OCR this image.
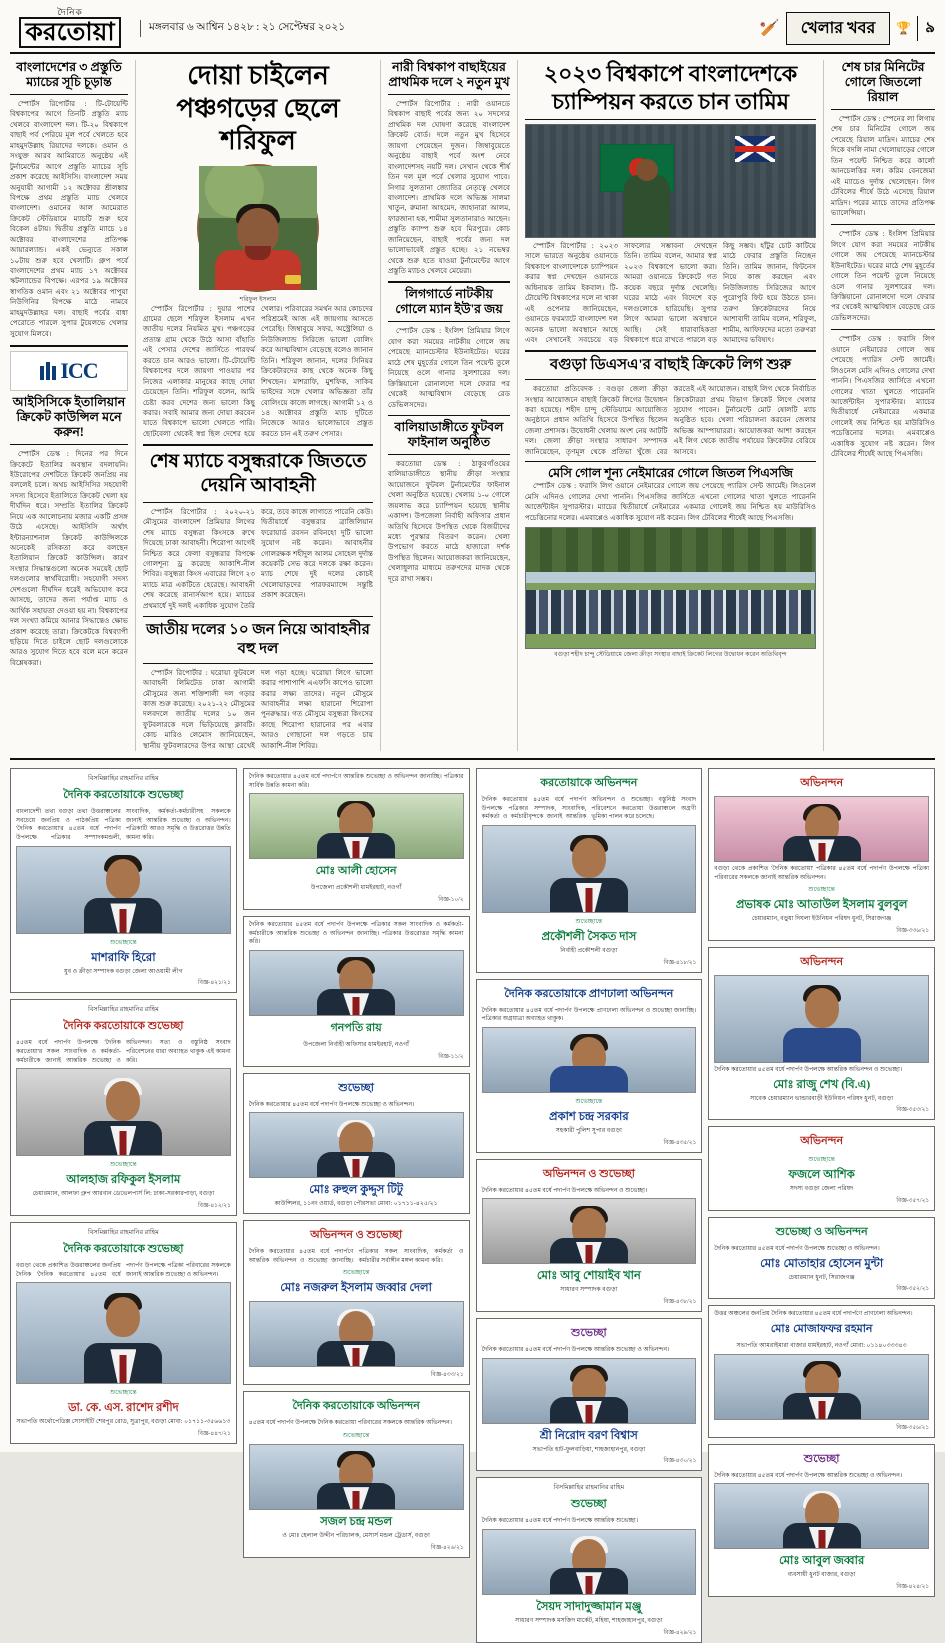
দৈনিক
করতোয়া	মঙ্গলবার ৬ আশ্বিন ১৪২৮ : ২১ সেপ্টেম্বর ২০২১	🏏	খেলার খবর	🏆 ৯
বাংলাদেশের ৩ প্রস্তুতি ম্যাচের সূচি চূড়ান্ত
স্পোর্টস রিপোর্টার : টি-টোয়েন্টি বিশ্বকাপের আগে তিনটি প্রস্তুতি ম্যাচ খেলবে বাংলাদেশ দল। টি-২০ বিশ্বকাপে বাছাই পর্ব পেরিয়ে মূল পর্বে খেলতে হবে মাহমুদউল্লাহ রিয়াদের দলকে। ওমান ও সংযুক্ত আরব আমিরাতে অনুষ্ঠেয় এই টুর্নামেন্টের আগে প্রস্তুতি ম্যাচের সূচি প্রকাশ করেছে আইসিসি। বাংলাদেশ সময় অনুযায়ী আগামী ১২ অক্টোবর শ্রীলঙ্কার বিপক্ষে প্রথম প্রস্তুতি ম্যাচ খেলবে বাংলাদেশ। ওমানের আল আমেরাত ক্রিকেট স্টেডিয়ামে ম্যাচটি শুরু হবে বিকেল ৪টায়। দ্বিতীয় প্রস্তুতি ম্যাচে ১৪ অক্টোবর বাংলাদেশের প্রতিপক্ষ আয়ারল্যান্ড। একই ভেন্যুতে সকাল ১০টায় শুরু হবে খেলাটি। গ্রুপ পর্বে বাংলাদেশের প্রথম ম্যাচ ১৭ অক্টোবর স্কটল্যান্ডের বিপক্ষে। এরপর ১৯ অক্টোবর স্বাগতিক ওমান এবং ২১ অক্টোবর পাপুয়া নিউগিনির বিপক্ষে মাঠে নামবে মাহমুদউল্লাহর দল। বাছাই পর্বের বাধা পেরোতে পারলে সুপার টুয়েলভে খেলার সুযোগ মিলবে।
ICC
আইসিসিকে ইতালিয়ান ক্রিকেট কাউন্সিল মনে করুন!
স্পোর্টস ডেস্ক : দিনের পর দিনে ক্রিকেটে ইতালির অবস্থান বদলায়নি। ইউরোপের দেশটিতে ক্রিকেট জনপ্রিয় নয় বললেই চলে। অথচ আইসিসির সহযোগী সদস্য হিসেবে ইতালিতে ক্রিকেট খেলা হয় দীর্ঘদিন ধরে। সম্প্রতি ইতালির ক্রিকেট নিয়ে এক আলোচনায় মজার একটি প্রসঙ্গ উঠে এসেছে। আইসিসি অর্থাৎ ইন্টারন্যাশনাল ক্রিকেট কাউন্সিলকে অনেকেই রসিকতা করে বলছেন ইতালিয়ান ক্রিকেট কাউন্সিল। কারণ সংস্থার সিদ্ধান্তগুলো অনেক সময়েই ছোট দলগুলোর স্বার্থবিরোধী। সহযোগী সদস্য দেশগুলো দীর্ঘদিন ধরেই অভিযোগ করে আসছে, তাদের জন্য পর্যাপ্ত ম্যাচ ও আর্থিক সহায়তা দেওয়া হয় না। বিশ্বকাপের দল সংখ্যা কমিয়ে আনার সিদ্ধান্তেও ক্ষোভ প্রকাশ করেছে তারা। ক্রিকেটকে বিশ্বব্যাপী ছড়িয়ে দিতে চাইলে ছোট দলগুলোকে আরও সুযোগ দিতে হবে বলে মনে করেন বিশ্লেষকরা।
দোয়া চাইলেন পঞ্চগড়ের ছেলে শরিফুল
শরিফুল ইসলাম
স্পোর্টস রিপোর্টার : দুয়ার পাশের গ্রামের ছেলে শরিফুল ইসলাম এখন জাতীয় দলের নিয়মিত মুখ। পঞ্চগড়ের প্রত্যন্ত গ্রাম থেকে উঠে আসা বাঁহাতি এই পেসার দেশের জার্সিতে পারফর্ম করতে চান আরও ভালো। টি-টোয়েন্টি বিশ্বকাপের দলে জায়গা পাওয়ার পর নিজের এলাকার মানুষের কাছে দোয়া চেয়েছেন তিনি। শরিফুল বলেন, আমি চেষ্টা করব দেশের জন্য ভালো কিছু করার। সবাই আমার জন্য দোয়া করবেন যাতে বিশ্বকাপে ভালো খেলতে পারি। ছোটবেলা থেকেই স্বপ্ন ছিল দেশের হয়ে খেলার। পরিবারের সমর্থন আর কোচদের পরিশ্রমেই আজ এই জায়গায় আসতে পেরেছি। জিম্বাবুয়ে সফর, অস্ট্রেলিয়া ও নিউজিল্যান্ড সিরিজে ভালো বোলিং করে আত্মবিশ্বাস বেড়েছে বলেও জানান তিনি। শরিফুল জানান, দলের সিনিয়র ক্রিকেটারদের কাছ থেকে অনেক কিছু শিখছেন। মাশরাফি, মুশফিক, সাকিব ভাইদের সঙ্গে খেলার অভিজ্ঞতা তাঁর বোলিংয়ে কাজে লাগছে। আগামী ১২ ও ১৪ অক্টোবর প্রস্তুতি ম্যাচ দুটিতে নিজেকে আরও ভালোভাবে প্রস্তুত করতে চান এই তরুণ পেসার।
শেষ ম্যাচে বসুন্ধরাকে জিততে দেয়নি আবাহনী
স্পোর্টস রিপোর্টার : ২০২০-২১ মৌসুমের বাংলাদেশ প্রিমিয়ার লিগের শেষ ম্যাচে বসুন্ধরা কিংসকে রুখে দিয়েছে ঢাকা আবাহনী। শিরোপা আগেই নিশ্চিত করে ফেলা বসুন্ধরার বিপক্ষে গোলশূন্য ড্র করেছে আকাশি-নীল শিবির। বসুন্ধরা কিংস এবারের লিগে ২৩ ম্যাচে মাত্র একটিতে হেরেছে। আবাহনী শেষ করেছে রানার্সআপ হয়ে। ম্যাচের প্রথমার্ধে দুই দলই একাধিক সুযোগ তৈরি করে, তবে কাজে লাগাতে পারেনি কেউ। দ্বিতীয়ার্ধে বসুন্ধরার ব্রাজিলিয়ান ফরোয়ার্ড রবসন রবিনহো দুটি ভালো সুযোগ নষ্ট করেন। আবাহনীর গোলরক্ষক শহীদুল আলম সোহেল দুর্দান্ত কয়েকটি সেভ করে দলকে রক্ষা করেন। ম্যাচ শেষে দুই দলের কোচই খেলোয়াড়দের পারফরম্যান্সে সন্তুষ্টি প্রকাশ করেছেন।
জাতীয় দলের ১০ জন নিয়ে আবাহনীর বহু দল
স্পোর্টস রিপোর্টার : ঘরোয়া ফুটবলে আবাহনী লিমিটেড ঢাকা আগামী মৌসুমের জন্য শক্তিশালী দল গড়ার কাজ শুরু করেছে। ২০২১-২২ মৌসুমের দলবদলে জাতীয় দলের ১০ জন ফুটবলারকে দলে ভিড়িয়েছে ক্লাবটি। কোচ মারিও লেমোস জানিয়েছেন, স্থানীয় ফুটবলারদের উপর আস্থা রেখেই দল গড়া হচ্ছে। ঘরোয়া লিগে ভালো করার পাশাপাশি এএফসি কাপেও ভালো করার লক্ষ্য তাদের। নতুন মৌসুমে আবাহনীর লক্ষ্য হারানো শিরোপা পুনরুদ্ধার। গত মৌসুমে বসুন্ধরা কিংসের কাছে শিরোপা হারানোর পর এবার আরও গোছানো দল গড়তে চায় আকাশি-নীল শিবির।
নারী বিশ্বকাপ বাছাইয়ের প্রাথমিক দলে ২ নতুন মুখ
স্পোর্টস রিপোর্টার : নারী ওয়ানডে বিশ্বকাপ বাছাই পর্বের জন্য ২০ সদস্যের প্রাথমিক দল ঘোষণা করেছে বাংলাদেশ ক্রিকেট বোর্ড। দলে নতুন মুখ হিসেবে জায়গা পেয়েছেন দুজন। জিম্বাবুয়েতে অনুষ্ঠেয় বাছাই পর্বে অংশ নেবে বাংলাদেশসহ নয়টি দল। সেখান থেকে শীর্ষ তিন দল মূল পর্বে খেলার সুযোগ পাবে। নিগার সুলতানা জ্যোতির নেতৃত্বে খেলবে বাংলাদেশ। প্রাথমিক দলে অভিজ্ঞ সালমা খাতুন, রুমানা আহমেদ, জাহানারা আলম, ফারজানা হক, শামীমা সুলতানারাও আছেন। প্রস্তুতি ক্যাম্প শুরু হবে মিরপুরে। কোচ জানিয়েছেন, বাছাই পর্বের জন্য দল ভালোভাবেই প্রস্তুত হচ্ছে। ২১ নভেম্বর থেকে শুরু হতে যাওয়া টুর্নামেন্টের আগে প্রস্তুতি ম্যাচও খেলবে মেয়েরা।
লিগগার্ডে নাটকীয় গোলে ম্যান ইউ'র জয়
স্পোর্টস ডেস্ক : ইংলিশ প্রিমিয়ার লিগে যোগ করা সময়ের নাটকীয় গোলে জয় পেয়েছে ম্যানচেস্টার ইউনাইটেড। ঘরের মাঠে শেষ মুহূর্তের গোলে তিন পয়েন্ট তুলে নিয়েছে ওলে গানার সুলশারের দল। ক্রিস্তিয়ানো রোনালদো দলে ফেরার পর থেকেই আত্মবিশ্বাস বেড়েছে রেড ডেভিলসদের।
বালিয়াডাঙ্গীতে ফুটবল ফাইনাল অনুষ্ঠিত
করতোয়া ডেস্ক : ঠাকুরগাঁওয়ের বালিয়াডাঙ্গীতে স্থানীয় ক্রীড়া সংস্থার আয়োজনে ফুটবল টুর্নামেন্টের ফাইনাল খেলা অনুষ্ঠিত হয়েছে। খেলায় ১-০ গোলে জয়লাভ করে চ্যাম্পিয়ন হয়েছে স্থানীয় একাদশ। উপজেলা নির্বাহী অফিসার প্রধান অতিথি হিসেবে উপস্থিত থেকে বিজয়ীদের মধ্যে পুরস্কার বিতরণ করেন। খেলা উপভোগ করতে মাঠে হাজারো দর্শক উপস্থিত ছিলেন। আয়োজকরা জানিয়েছেন, খেলাধুলার মাধ্যমে তরুণদের মাদক থেকে দূরে রাখা সম্ভব।
২০২৩ বিশ্বকাপে বাংলাদেশকে চ্যাম্পিয়ন করতে চান তামিম
স্পোর্টস রিপোর্টার : ২০২৩ সালে ভারতে অনুষ্ঠেয় ওয়ানডে বিশ্বকাপে বাংলাদেশকে চ্যাম্পিয়ন করার স্বপ্ন দেখছেন ওয়ানডে অধিনায়ক তামিম ইকবাল। টি-টোয়েন্টি বিশ্বকাপের দলে না থাকা এই ওপেনার জানিয়েছেন, ওয়ানডে ফরম্যাটে বাংলাদেশ দল অনেক ভালো অবস্থানে আছে এবং সেখানেই সবচেয়ে বড় সাফল্যের সম্ভাবনা দেখছেন তিনি। তামিম বলেন, আমার স্বপ্ন ২০২৩ বিশ্বকাপে ভালো করা। আমরা ওয়ানডে ক্রিকেটে গত কয়েক বছরে দুর্দান্ত খেলেছি। ঘরের মাঠে এবং বিদেশে বড় দলগুলোকে হারিয়েছি। সুপার লিগে আমরা ভালো অবস্থানে আছি। সেই ধারাবাহিকতা বিশ্বকাপে ধরে রাখতে পারলে বড় কিছু সম্ভব। হাঁটুর চোট কাটিয়ে মাঠে ফেরার প্রস্তুতি নিচ্ছেন তিনি। তামিম জানান, ফিটনেস নিয়ে কাজ করছেন এবং নিউজিল্যান্ড সিরিজের আগে পুরোপুরি ফিট হয়ে উঠতে চান। তরুণ ক্রিকেটারদের নিয়ে আশাবাদী তামিম বলেন, শরিফুল, শামীম, আফিফদের মতো তরুণরা আমাদের ভবিষ্যৎ।
বগুড়া ডিএসএ'র বাছাই ক্রিকেট লিগ শুরু
করতোয়া প্রতিবেদক : বগুড়া জেলা ক্রীড়া সংস্থার আয়োজনে বাছাই ক্রিকেট লিগের উদ্বোধন করা হয়েছে। শহীদ চান্দু স্টেডিয়ামে আয়োজিত অনুষ্ঠানে প্রধান অতিথি হিসেবে উপস্থিত ছিলেন জেলা প্রশাসক। উদ্বোধনী খেলায় অংশ নেয় আটটি দল। জেলা ক্রীড়া সংস্থার সাধারণ সম্পাদক জানিয়েছেন, তৃণমূল থেকে প্রতিভা খুঁজে বের করতেই এই আয়োজন। বাছাই লিগ থেকে নির্বাচিত ক্রিকেটাররা প্রথম বিভাগ ক্রিকেট লিগে খেলার সুযোগ পাবেন। টুর্নামেন্টে মোট ষোলটি ম্যাচ অনুষ্ঠিত হবে। খেলা পরিচালনা করবেন জেলার অভিজ্ঞ আম্পায়াররা। আয়োজকরা আশা করছেন এই লিগ থেকে জাতীয় পর্যায়ের ক্রিকেটার বেরিয়ে আসবে।
মেসি গোল শূন্য নেইমারের গোলে জিতল পিএসজি
স্পোর্টস ডেস্ক : ফরাসি লিগ ওয়ানে নেইমারের গোলে জয় পেয়েছে প্যারিস সেন্ট জার্মেই। লিওনেল মেসি এদিনও গোলের দেখা পাননি। পিএসজির জার্সিতে এখনো গোলের খাতা খুলতে পারেননি আর্জেন্টাইন সুপারস্টার। ম্যাচের দ্বিতীয়ার্ধে নেইমারের একমাত্র গোলেই জয় নিশ্চিত হয় মাউরিসিও পচেত্তিনোর দলের। এমবাপ্পেও একাধিক সুযোগ নষ্ট করেন। লিগ টেবিলের শীর্ষেই আছে পিএসজি।
বগুড়া শহীদ চান্দু স্টেডিয়ামে জেলা ক্রীড়া সংস্থার বাছাই ক্রিকেট লিগের উদ্বোধন করেন অতিথিবৃন্দ
শেষ চার মিনিটের গোলে জিতলো রিয়াল
স্পোর্টস ডেস্ক : স্পেনের লা লিগায় শেষ চার মিনিটের গোলে জয় পেয়েছে রিয়াল মাদ্রিদ। ম্যাচের শেষ দিকে বদলি নামা খেলোয়াড়ের গোলে তিন পয়েন্ট নিশ্চিত করে কার্লো আনচেলত্তির দল। করিম বেনজেমা এই ম্যাচেও দুর্দান্ত খেলেছেন। লিগ টেবিলের শীর্ষে উঠে এসেছে রিয়াল মাদ্রিদ। পরের ম্যাচে তাদের প্রতিপক্ষ ভ্যালেন্সিয়া।
স্পোর্টস ডেস্ক : ইংলিশ প্রিমিয়ার লিগে যোগ করা সময়ের নাটকীয় গোলে জয় পেয়েছে ম্যানচেস্টার ইউনাইটেড। ঘরের মাঠে শেষ মুহূর্তের গোলে তিন পয়েন্ট তুলে নিয়েছে ওলে গানার সুলশারের দল। ক্রিস্তিয়ানো রোনালদো দলে ফেরার পর থেকেই আত্মবিশ্বাস বেড়েছে রেড ডেভিলসদের।
স্পোর্টস ডেস্ক : ফরাসি লিগ ওয়ানে নেইমারের গোলে জয় পেয়েছে প্যারিস সেন্ট জার্মেই। লিওনেল মেসি এদিনও গোলের দেখা পাননি। পিএসজির জার্সিতে এখনো গোলের খাতা খুলতে পারেননি আর্জেন্টাইন সুপারস্টার। ম্যাচের দ্বিতীয়ার্ধে নেইমারের একমাত্র গোলেই জয় নিশ্চিত হয় মাউরিসিও পচেত্তিনোর দলের। এমবাপ্পেও একাধিক সুযোগ নষ্ট করেন। লিগ টেবিলের শীর্ষেই আছে পিএসজি।
বিসমিল্লাহির রাহমানির রাহিম
দৈনিক করতোয়াকে শুভেচ্ছা
বাংলাদেশী তথা বগুড়া তথা উত্তরাঞ্চলের সবচেয়ে জনপ্রিয় ও পাঠকপ্রিয় পত্রিকা 'দৈনিক করতোয়া'র ৪৫তম বর্ষে পদার্পণ উপলক্ষে পত্রিকার সম্পাদকমন্ডলী, সাংবাদিক, কর্মকর্তা-কর্মচারীসহ সকলকে জানাই আন্তরিক শুভেচ্ছা ও অভিনন্দন। পত্রিকাটি আরও সমৃদ্ধি ও উত্তরোত্তর উন্নতি কামনা করি।
শুভেচ্ছান্তে
মাশরাফি হিরো
যুব ও ক্রীড়া সম্পাদক বগুড়া জেলা আওয়ামী লীগ
বিজ্ঞ-৪২১/২১
বিসমিল্লাহির রাহমানির রাহিম
দৈনিক করতোয়াকে শুভেচ্ছা
৪৫তম বর্ষে পদার্পণ উপলক্ষে 'দৈনিক করতোয়া'র সকল সাংবাদিক ও কর্মকর্তা-কর্মচারীকে জানাই আন্তরিক শুভেচ্ছা ও অভিনন্দন। সত্য ও বস্তুনিষ্ঠ সংবাদ পরিবেশনের ধারা অব্যাহত থাকুক এই কামনা করি।
শুভেচ্ছান্তে
আলহাজ রফিকুল ইসলাম
চেয়ারম্যান, আলফা গ্রুপ আরবান ডেভেলপার্স লি: ঢাকা-সরকারপাড়া, বগুড়া
বিজ্ঞ-৪১২/২১
বিসমিল্লাহির রাহমানির রাহিম
দৈনিক করতোয়াকে শুভেচ্ছা
বগুড়া থেকে প্রকাশিত উত্তরাঞ্চলের জনপ্রিয় দৈনিক 'দৈনিক করতোয়া'র ৪৫তম বর্ষে পদার্পণ উপলক্ষে পত্রিকা পরিবারের সকলকে জানাই আন্তরিক শুভেচ্ছা ও অভিনন্দন।
শুভেচ্ছান্তে
ডা. কে. এস. রাশেদ রশীদ
সভাপতি অর্থোপেডিক্স সোসাইটি শেরপুর রোড, সুত্রাপুর, বগুড়া মোবা: ০১৭১১-৩৫৬৬১৩
বিজ্ঞ-৪৪৭/২১
দৈনিক করতোয়ার ৪৫তম বর্ষে পদার্পণে আন্তরিক শুভেচ্ছা ও অভিনন্দন জানাচ্ছি। পত্রিকার সার্বিক উন্নতি কামনা করি।
মোঃ আলী হোসেন
উপজেলা প্রকৌশলী ধামইরহাট, নওগাঁ
বিজ্ঞ-১০/২
দৈনিক করতোয়ার ৪৫তম বর্ষে পদার্পণ উপলক্ষে পত্রিকার সকল সাংবাদিক ও কর্মকর্তা-কর্মচারীকে আন্তরিক শুভেচ্ছা ও অভিনন্দন জানাচ্ছি। পত্রিকার উত্তরোত্তর সমৃদ্ধি কামনা করি।
গনপতি রায়
উপজেলা নির্বাহী অফিসার ধামইরহাট, নওগাঁ
বিজ্ঞ-১১/২
শুভেচ্ছা
দৈনিক করতোয়ার ৪৫তম বর্ষে পদার্পণ উপলক্ষে শুভেচ্ছা ও অভিনন্দন।
মোঃ রুহুল কুদ্দুস টিটু
কাউন্সিলর, ১১নং ওয়ার্ড, বগুড়া পৌরসভা মোবা: ০১৭১১-৪২৫/২১
অভিনন্দন ও শুভেচ্ছা
দৈনিক করতোয়ার ৪৫তম বর্ষে পদার্পণে আন্তরিক অভিনন্দন ও শুভেচ্ছা জানাচ্ছি। পত্রিকার সকল সাংবাদিক, কর্মকর্তা ও কর্মচারীর সর্বাঙ্গীন মঙ্গল কামনা করি।
শুভেচ্ছান্তে
মোঃ নজরুল ইসলাম জব্বার দেলা
বিজ্ঞ-৪৩৩/২১
দৈনিক করতোয়াকে অভিনন্দন
৪৫তম বর্ষে পদার্পণ উপলক্ষে দৈনিক করতোয়া পরিবারের সকলকে আন্তরিক অভিনন্দন।
শুভেচ্ছান্তে
সজল চন্দ্র মন্ডল
ও মোঃ হেলাল উদ্দীন পরিচালক, মেসার্স মন্ডল ট্রেডার্স, বগুড়া
বিজ্ঞ-৪২৬/২১
করতোয়াকে অভিনন্দন
দৈনিক করতোয়ার ৪৫তম বর্ষে পদার্পণ উপলক্ষে পত্রিকার সম্পাদক, সাংবাদিক, কর্মকর্তা ও কর্মচারীবৃন্দকে জানাই আন্তরিক অভিনন্দন ও শুভেচ্ছা। বস্তুনিষ্ঠ সংবাদ পরিবেশনে করতোয়া উত্তরাঞ্চলে অগ্রণী ভূমিকা পালন করে চলেছে।
শুভেচ্ছান্তে
প্রকৌশলী সৈকত দাস
নির্বাহী প্রকৌশলী বগুড়া
বিজ্ঞ-৪১৮/২১
দৈনিক করতোয়াকে প্রাণঢালা অভিনন্দন
দৈনিক করতোয়ার ৪৫তম বর্ষে পদার্পণ উপলক্ষে প্রাণঢালা অভিনন্দন ও শুভেচ্ছা জানাচ্ছি। পত্রিকার অগ্রযাত্রা অব্যাহত থাকুক।
শুভেচ্ছান্তে
প্রকাশ চন্দ্র সরকার
সহকারী পুলিশ সুপার বগুড়া
বিজ্ঞ-৪৩৫/২১
অভিনন্দন ও শুভেচ্ছা
দৈনিক করতোয়ার ৪৫তম বর্ষে পদার্পণ উপলক্ষে অভিনন্দন ও শুভেচ্ছা।
মোঃ আবু শোয়াইব খান
সাধারণ সম্পাদক বগুড়া
বিজ্ঞ-৪৩৮/২১
শুভেচ্ছা
দৈনিক করতোয়ার ৪৫তম বর্ষে পদার্পণ উপলক্ষে আন্তরিক শুভেচ্ছা ও অভিনন্দন।
শ্রী নিরোদ বরণ বিশ্বাস
সভাপতি হাট-ফুলবাড়িয়া, শাহজাহানপুর, বগুড়া
বিজ্ঞ-৪৩০/২১
বিসমিল্লাহির রাহমানির রাহিম
শুভেচ্ছা
দৈনিক করতোয়ার ৪৫তম বর্ষে পদার্পণ উপলক্ষে আন্তরিক শুভেচ্ছা।
সৈয়দ সাদাদুজ্জামান মঞ্জু
সাধারণ সম্পাদক মসজিদ মার্কেট, মহিষা, শাহজাহানপুর, বগুড়া
বিজ্ঞ-৪২৯/২১
অভিনন্দন
বগুড়া থেকে প্রকাশিত 'দৈনিক করতোয়া' পত্রিকার ৪৫তম বর্ষে পদার্পণ উপলক্ষে পত্রিকা পরিবারের সকলকে জানাই আন্তরিক অভিনন্দন।
শুভেচ্ছান্তে
প্রভাষক মোঃ আতাউল ইসলাম বুলবুল
চেয়ারম্যান, বড়ুয়া দিঘলা ইউনিয়ন পরিষদ ধুনট, সিরাজগঞ্জ
বিজ্ঞ-৩৩৬/২১
অভিনন্দন
দৈনিক করতোয়ার ৪৫তম বর্ষে পদার্পণ উপলক্ষে আন্তরিক অভিনন্দন ও শুভেচ্ছা।
মোঃ রাজু শেখ (বি.এ)
সাবেক চেয়ারম্যান ভান্ডারবাড়ী ইউনিয়ন পরিষদ ধুনট, বগুড়া
বিজ্ঞ-৩৫৩/২১
অভিনন্দন
শুভেচ্ছান্তে
ফজলে আশিক
সদস্য বগুড়া জেলা পরিষদ
বিজ্ঞ-৩৫৭/২১
শুভেচ্ছা ও অভিনন্দন
দৈনিক করতোয়ার ৪৫তম বর্ষে পদার্পণ উপলক্ষে শুভেচ্ছা ও অভিনন্দন।
মোঃ মোতাহার হোসেন মুন্টা
চেয়ারম্যান ধুনট, সিরাজগঞ্জ
বিজ্ঞ-৩৫২/২১
উত্তর অঞ্চলের জনপ্রিয় দৈনিক করতোয়ার ৪৫তম বর্ষে পদার্পণে প্রাণঢালা অভিনন্দন।
মোঃ মোজাফফর রহমান
সভাপতি আমরাইমারা বাজার ধামইরহাট, নওগাঁ মোবা: ০১১৪০৩৩৩৪৩
বিজ্ঞ-৩৫৬/২১
শুভেচ্ছা
দৈনিক করতোয়ার ৪৫তম বর্ষে পদার্পণ উপলক্ষে আন্তরিক শুভেচ্ছা ও অভিনন্দন।
মোঃ আবুল জব্বার
ব্যবসায়ী ধুনট বাজার, বগুড়া
বিজ্ঞ-৪২৪/২১
